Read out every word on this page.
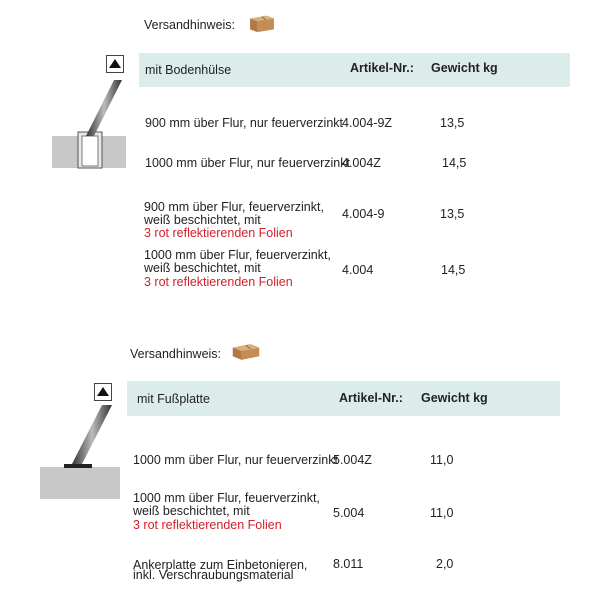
Versandhinweis:
mit Bodenhülse	Artikel-Nr.: Gewicht kg
900 mm über Flur, nur feuerverzinkt 4.004-9Z	13,5
1000 mm über Flur, nur feuerverzinkt
4.004Z	14,5
900 mm über Flur, feuerverzinkt,
weiß beschichtet, mit
3 rot reflektierenden Folien
4.004-9	13,5
1000 mm über Flur, feuerverzinkt,
weiß beschichtet, mit
3 rot reflektierenden Folien
4.004	14,5
Versandhinweis:
mit Fußplatte	Artikel-Nr.: Gewicht kg
1000 mm über Flur, nur feuerverzinkt
5.004Z	11,0
1000 mm über Flur, feuerverzinkt,
weiß beschichtet, mit
3 rot reflektierenden Folien
5.004	11,0
Ankerplatte zum Einbetonieren,
inkl. Verschraubungsmaterial
8.011	2,0
